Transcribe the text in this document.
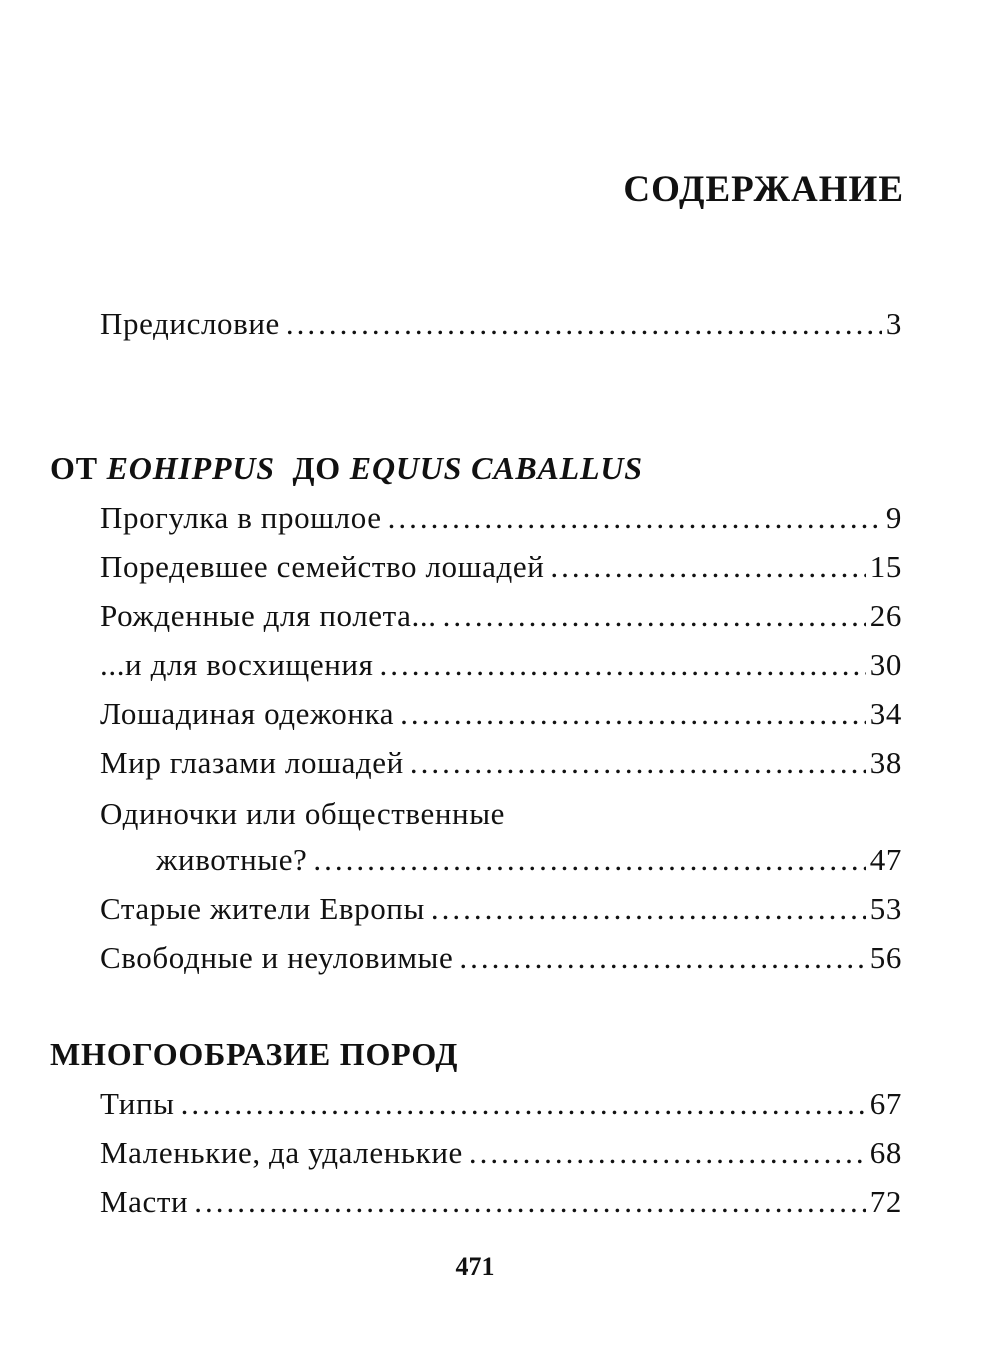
СОДЕРЖАНИЕ
Предисловие .....	3
ОТ EOHIPPUS ДО EQUUS CABALLUS
Прогулка в прошлое .....	9
Поредевшее семейство лошадей .....	15
Рожденные для полета... .....	26
...и для восхищения .....	30
Лошадиная одежонка .....	34
Мир глазами лошадей .....	38
Одиночки или общественные
животные? .....	47
Старые жители Европы .....	53
Свободные и неуловимые .....	56
МНОГООБРАЗИЕ ПОРОД
Типы .....	67
Маленькие, да удаленькие .....	68
Масти .....	72
471
